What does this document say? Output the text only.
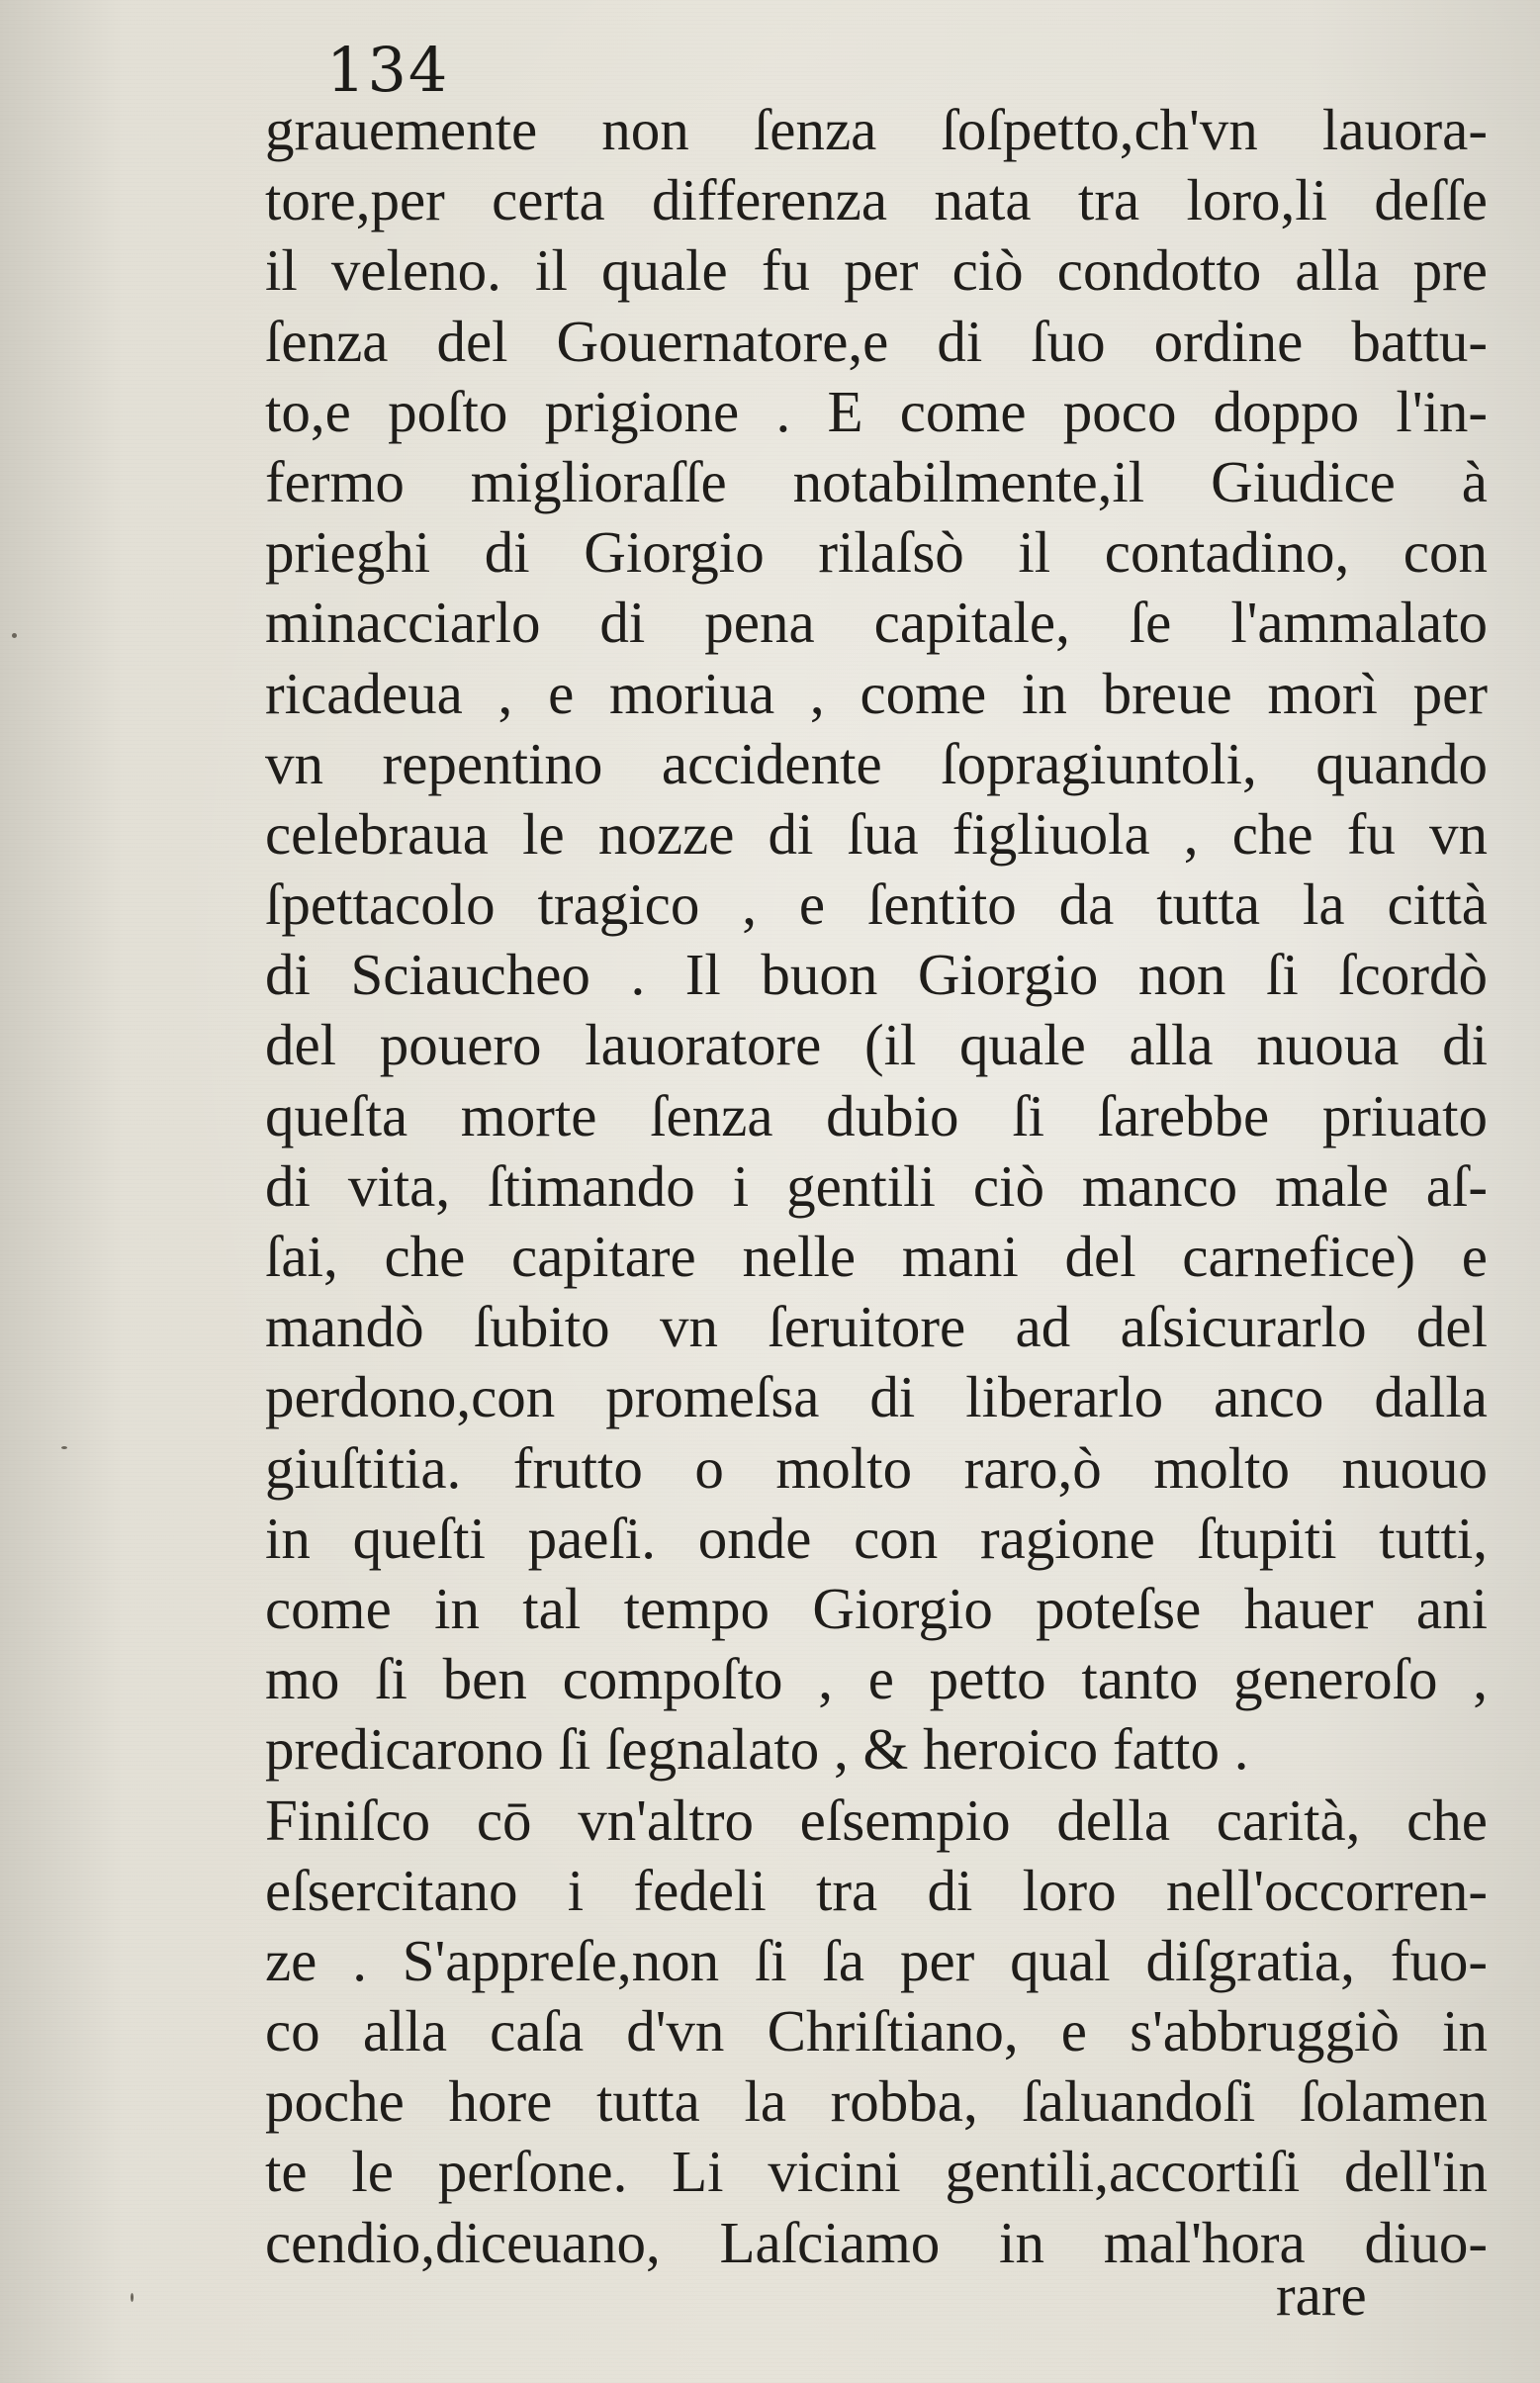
134

grauemente non ſenza ſoſpetto,ch'vn lauora-
tore,per certa differenza nata tra loro,li deſſe
il veleno. il quale fu per ciò condotto alla pre
ſenza del Gouernatore,e di ſuo ordine battu-
to,e poſto prigione . E come poco doppo l'in-
fermo miglioraſſe notabilmente,il Giudice à
prieghi di Giorgio rilaſsò il contadino, con
minacciarlo di pena capitale, ſe l'ammalato
ricadeua , e moriua , come in breue morì per
vn repentino accidente ſopragiuntoli, quando
celebraua le nozze di ſua figliuola , che fu vn
ſpettacolo tragico , e ſentito da tutta la città
di Sciaucheo . Il buon Giorgio non ſi ſcordò
del pouero lauoratore (il quale alla nuoua di
queſta morte ſenza dubio ſi ſarebbe priuato
di vita, ſtimando i gentili ciò manco male aſ-
ſai, che capitare nelle mani del carnefice) e
mandò ſubito vn ſeruitore ad aſsicurarlo del
perdono,con promeſsa di liberarlo anco dalla
giuſtitia. frutto o molto raro,ò molto nuouo
in queſti paeſi. onde con ragione ſtupiti tutti,
come in tal tempo Giorgio poteſse hauer ani
mo ſi ben compoſto , e petto tanto generoſo ,
predicarono ſi ſegnalato , & heroico fatto .
Finiſco cō vn'altro eſsempio della carità, che
eſsercitano i fedeli tra di loro nell'occorren-
ze . S'appreſe,non ſi ſa per qual diſgratia, fuo-
co alla caſa d'vn Chriſtiano, e s'abbruggiò in
poche hore tutta la robba, ſaluandoſi ſolamen
te le perſone. Li vicini gentili,accortiſi dell'in
cendio,diceuano, Laſciamo in mal'hora diuo-

rare
